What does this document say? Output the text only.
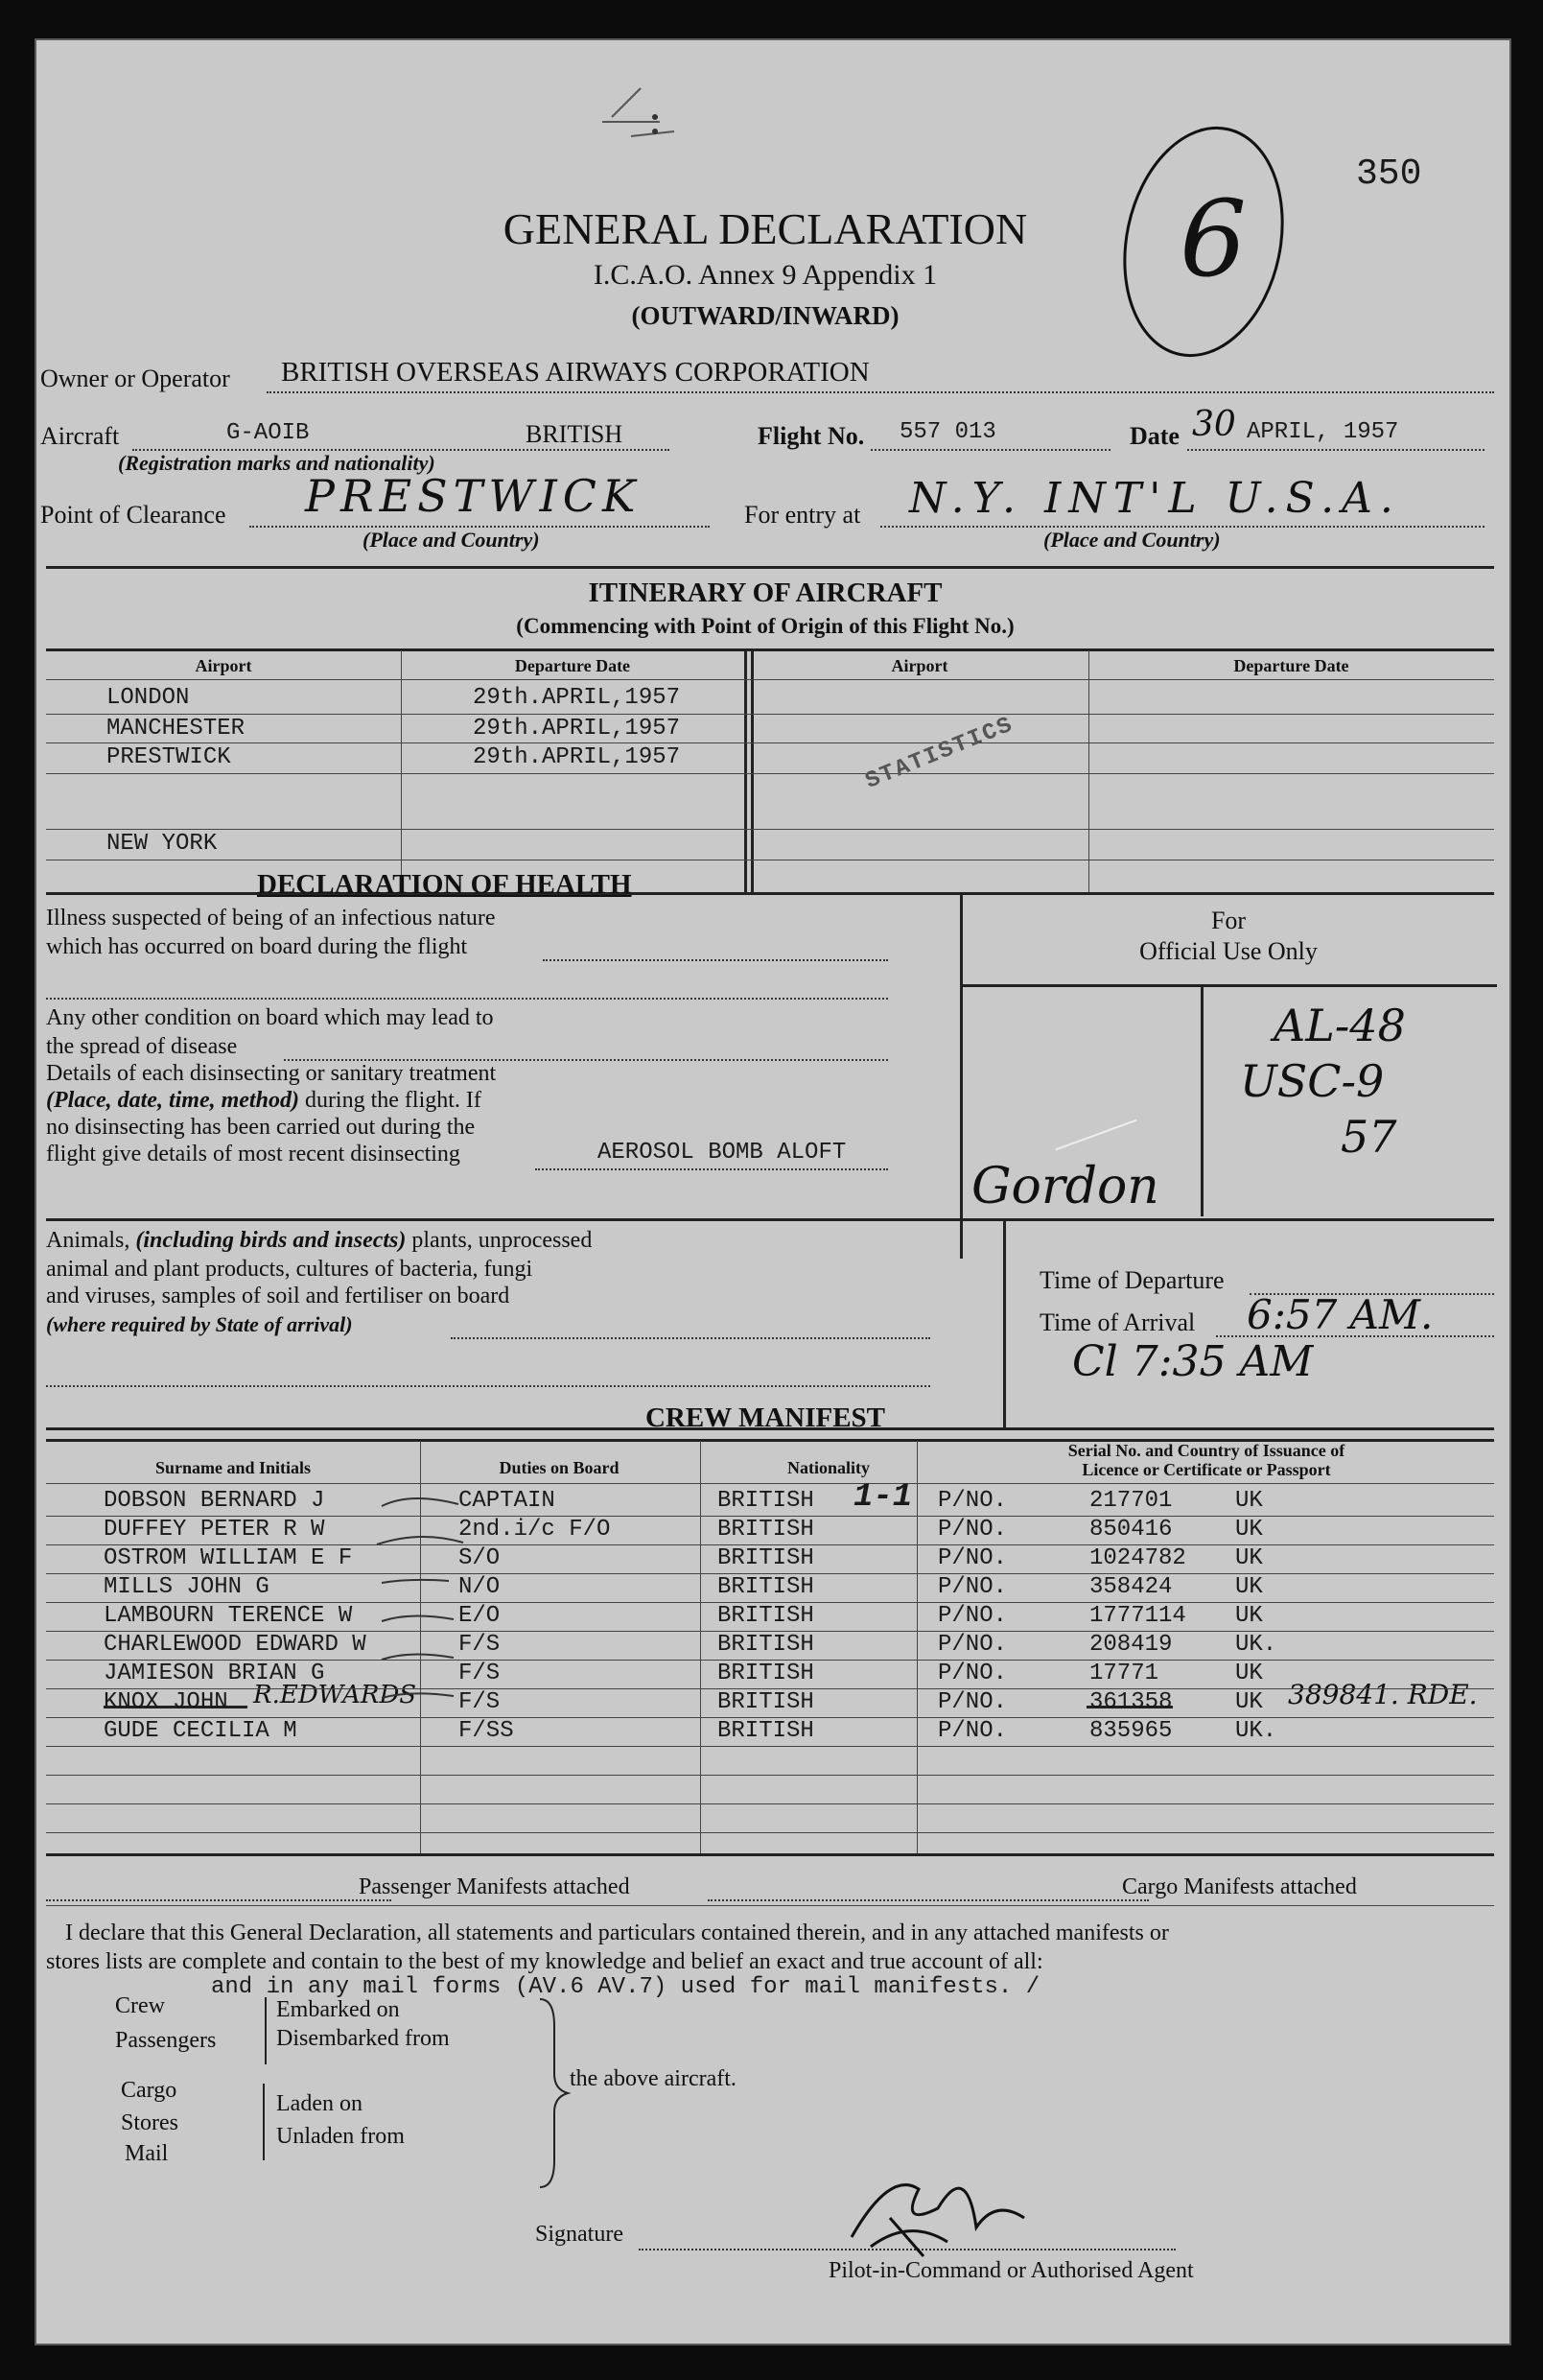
350
6
GENERAL DECLARATION
I.C.A.O. Annex 9 Appendix 1
(OUTWARD/INWARD)
Owner or Operator BRITISH OVERSEAS AIRWAYS CORPORATION
Aircraft	G-AOIB	BRITISH
(Registration marks and nationality)
Flight No. 557 013	Date 30 APRIL, 1957
Point of Clearance PRESTWICK
(Place and Country)
For entry at N.Y. INT'L U.S.A.
(Place and Country)
ITINERARY OF AIRCRAFT
(Commencing with Point of Origin of this Flight No.)
Airport	Departure Date	Airport	Departure Date
LONDON	29th.APRIL,1957
MANCHESTER	29th.APRIL,1957
PRESTWICK	29th.APRIL,1957
NEW YORK
STATISTICS
DECLARATION OF HEALTH
Illness suspected of being of an infectious nature
which has occurred on board during the flight
For
Official Use Only
AL-48
USC-9
57
Gordon
Any other condition on board which may lead to
the spread of disease
Details of each disinsecting or sanitary treatment
(Place, date, time, method) during the flight. If
no disinsecting has been carried out during the
flight give details of most recent disinsecting	AEROSOL BOMB ALOFT
Animals, (including birds and insects) plants, unprocessed
animal and plant products, cultures of bacteria, fungi
and viruses, samples of soil and fertiliser on board
(where required by State of arrival)
Time of Departure
Time of Arrival 6:57 AM.
Cl 7:35 AM
CREW MANIFEST
Surname and Initials	Duties on Board	Nationality
Serial No. and Country of Issuance of
Licence or Certificate or Passport
1-1
R.EDWARDS	389841. RDE.
Passenger Manifests attached	Cargo Manifests attached
I declare that this General Declaration, all statements and particulars contained therein, and in any attached manifests or
stores lists are complete and contain to the best of my knowledge and belief an exact and true account of all:
and in any mail forms (AV.6 AV.7) used for mail manifests. /
Crew
Passengers
Embarked on
Disembarked from
Cargo
Stores
Mail
Laden on
Unladen from
the above aircraft.
Signature
Pilot-in-Command or Authorised Agent
DOBSON BERNARD J	CAPTAIN	BRITISH	P/NO.	217701	UK
DUFFEY PETER R W	2nd.i/c F/O	BRITISH	P/NO.	850416	UK
OSTROM WILLIAM E F	S/O	BRITISH	P/NO.	1024782 UK
MILLS JOHN G	N/O	BRITISH	P/NO.	358424	UK
LAMBOURN TERENCE W	E/O	BRITISH	P/NO.	1777114 UK
CHARLEWOOD EDWARD W	F/S	BRITISH	P/NO.	208419	UK.
JAMIESON BRIAN G	F/S	BRITISH	P/NO.	17771	UK
KNOX JOHN	F/S	BRITISH	P/NO.	361358	UK
GUDE CECILIA M	F/SS	BRITISH	P/NO.	835965	UK.
